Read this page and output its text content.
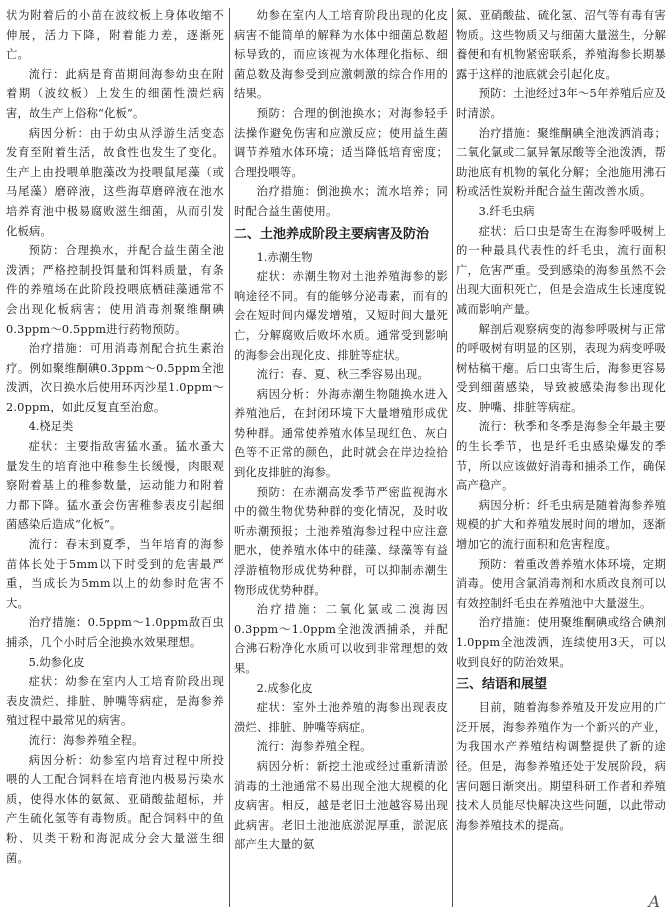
状为附着后的小苗在波纹板上身体收缩不伸展，活力下降，附着能力差，逐渐死亡。

流行：此病是育苗期间海参幼虫在附着期（波纹板）上发生的细菌性溃烂病害，故生产上俗称“化板”。

病因分析：由于幼虫从浮游生活变态发育至附着生活，故食性也发生了变化。生产上由投喂单胞藻改为投喂鼠尾藻（或马尾藻）磨碎液，这些海草磨碎液在池水培养育池中极易腐败滋生细菌，从而引发化板病。

预防：合理换水，并配合益生菌全池泼洒；严格控制投饵量和饵料质量，有条件的养殖场在此阶段投喂底栖硅藻通常不会出现化板病害；使用消毒剂聚维酮碘0.3ppm～0.5ppm进行药物预防。

治疗措施：可用消毒剂配合抗生素治疗。例如聚维酮碘0.3ppm～0.5ppm全池泼洒，次日换水后使用环丙沙星1.0ppm～2.0ppm，如此反复直至治愈。

4.桡足类

症状：主要指敌害猛水蚤。猛水蚤大量发生的培育池中稚参生长缓慢，肉眼观察附着基上的稚参数量，运动能力和附着力都下降。猛水蚤会伤害稚参表皮引起细菌感染后造成“化板”。

流行：春末到夏季，当年培育的海参苗体长处于5mm以下时受到的危害最严重，当成长为5mm以上的幼参时危害不大。

治疗措施：0.5ppm～1.0ppm敌百虫捕杀，几个小时后全池换水效果理想。

5.幼参化皮

症状：幼参在室内人工培育阶段出现表皮溃烂、排脏、肿嘴等病症，是海参养殖过程中最常见的病害。

流行：海参养殖全程。

病因分析：幼参室内培育过程中所投喂的人工配合饲料在培育池内极易污染水质，使得水体的氨氮、亚硝酸盐超标，并产生硫化氢等有毒物质。配合饲料中的鱼粉、贝类干粉和海泥成分会大量滋生细菌。

幼参在室内人工培育阶段出现的化皮病害不能简单的解释为水体中细菌总数超标导致的，而应该视为水体理化指标、细菌总数及海参受到应激刺激的综合作用的结果。

预防：合理的倒池换水；对海参轻手法操作避免伤害和应激反应；使用益生菌调节养殖水体环境；适当降低培育密度；合理投喂等。

治疗措施：倒池换水；流水培养；同时配合益生菌使用。

二、土池养成阶段主要病害及防治
1.赤潮生物

症状：赤潮生物对土池养殖海参的影响途径不同。有的能够分泌毒素，而有的会在短时间内爆发增殖，又短时间大量死亡，分解腐败后败坏水质。通常受到影响的海参会出现化皮、排脏等症状。

流行：春、夏、秋三季容易出现。

病因分析：外海赤潮生物随换水进入养殖池后，在封闭环境下大量增殖形成优势种群。通常使养殖水体呈现红色、灰白色等不正常的颜色，此时就会在岸边捡拾到化皮排脏的海参。

预防：在赤潮高发季节严密监视海水中的微生物优势种群的变化情况，及时收听赤潮预报；土池养殖海参过程中应注意肥水，使养殖水体中的硅藻、绿藻等有益浮游植物形成优势种群，可以抑制赤潮生物形成优势种群。

治疗措施：二氧化氯或二溴海因0.3ppm～1.0ppm全池泼洒捕杀，并配合沸石粉净化水质可以收到非常理想的效果。

2.成参化皮

症状：室外土池养殖的海参出现表皮溃烂、排脏、肿嘴等病症。

流行：海参养殖全程。

病因分析：新挖土池或经过重新清淤消毒的土池通常不易出现全池大规模的化皮病害。相反，越是老旧土池越容易出现此病害。老旧土池池底淤泥厚重，淤泥底部产生大量的氨

氮、亚硝酸盐、硫化氢、沼气等有毒有害物质。这些物质又与细菌大量滋生，分解養便和有机物紧密联系，养殖海参长期暴露于这样的池底就会引起化皮。

预防：土池经过3年～5年养殖后应及时清淤。

治疗措施：聚维酮碘全池泼洒消毒；二氧化氯或二氯异氰尿酸等全池泼洒，帮助池底有机物的氧化分解；全池施用沸石粉或活性炭粉并配合益生菌改善水质。

3.纤毛虫病

症状：后口虫是寄生在海参呼吸树上的一种最具代表性的纤毛虫，流行面积广，危害严重。受到感染的海参虽然不会出现大面积死亡，但是会造成生长速度锐减而影响产量。

解剖后观察病变的海参呼吸树与正常的呼吸树有明显的区别，表现为病变呼吸树枯稿干瘪。后口虫寄生后，海参更容易受到细菌感染，导致被感染海参出现化皮、肿嘴、排脏等病症。

流行：秋季和冬季是海参全年最主要的生长季节，也是纤毛虫感染爆发的季节，所以应该做好消毒和捕杀工作，确保高产稳产。

病因分析：纤毛虫病是随着海参养殖规模的扩大和养殖发展时间的增加，逐渐增加它的流行面积和危害程度。

预防：着重改善养殖水体环境，定期消毒。使用含氯消毒剂和水质改良剂可以有效控制纤毛虫在养殖池中大量滋生。

治疗措施：使用聚维酮碘或络合碘剂1.0ppm全池泼洒，连续使用3天，可以收到良好的防治效果。

三、结语和展望

目前，随着海参养殖及开发应用的广泛开展，海参养殖作为一个新兴的产业，为我国水产养殖结构调整提供了新的途径。但是，海参养殖还处于发展阶段，病害问题日渐突出。期望科研工作者和养殖技术人员能尽快解决这些问题，以此带动海参养殖技术的提高。

A
